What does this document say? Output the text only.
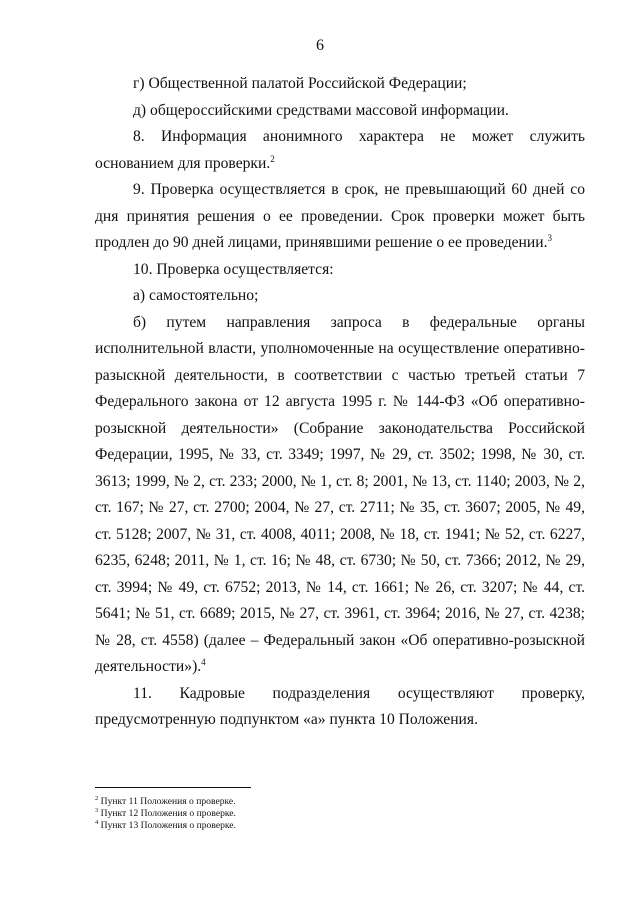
6

г) Общественной палатой Российской Федерации;

д) общероссийскими средствами массовой информации.

8. Информация анонимного характера не может служить основанием для проверки.$^2$

9. Проверка осуществляется в срок, не превышающий 60 дней со дня принятия решения о ее проведении. Срок проверки может быть продлен до 90 дней лицами, принявшими решение о ее проведении.$^3$

10. Проверка осуществляется:

а) самостоятельно;

б) путем направления запроса в федеральные органы исполнительной власти, уполномоченные на осуществление оперативно-разыскной деятельности, в соответствии с частью третьей статьи 7 Федерального закона от 12 августа 1995 г. № 144-ФЗ «Об оперативно-розыскной деятельности» (Собрание законодательства Российской Федерации, 1995, № 33, ст. 3349; 1997, № 29, ст. 3502; 1998, № 30, ст. 3613; 1999, № 2, ст. 233; 2000, № 1, ст. 8; 2001, № 13, ст. 1140; 2003, № 2, ст. 167; № 27, ст. 2700; 2004, № 27, ст. 2711; № 35, ст. 3607; 2005, № 49, ст. 5128; 2007, № 31, ст. 4008, 4011; 2008, № 18, ст. 1941; № 52, ст. 6227, 6235, 6248; 2011, № 1, ст. 16; № 48, ст. 6730; № 50, ст. 7366; 2012, № 29, ст. 3994; № 49, ст. 6752; 2013, № 14, ст. 1661; № 26, ст. 3207; № 44, ст. 5641; № 51, ст. 6689; 2015, № 27, ст. 3961, ст. 3964; 2016, № 27, ст. 4238; № 28, ст. 4558) (далее – Федеральный закон «Об оперативно-розыскной деятельности»).$^4$

11. Кадровые подразделения осуществляют проверку, предусмотренную подпунктом «а» пункта 10 Положения.

$^2$ Пункт 11 Положения о проверке.
$^3$ Пункт 12 Положения о проверке.
$^4$ Пункт 13 Положения о проверке.
